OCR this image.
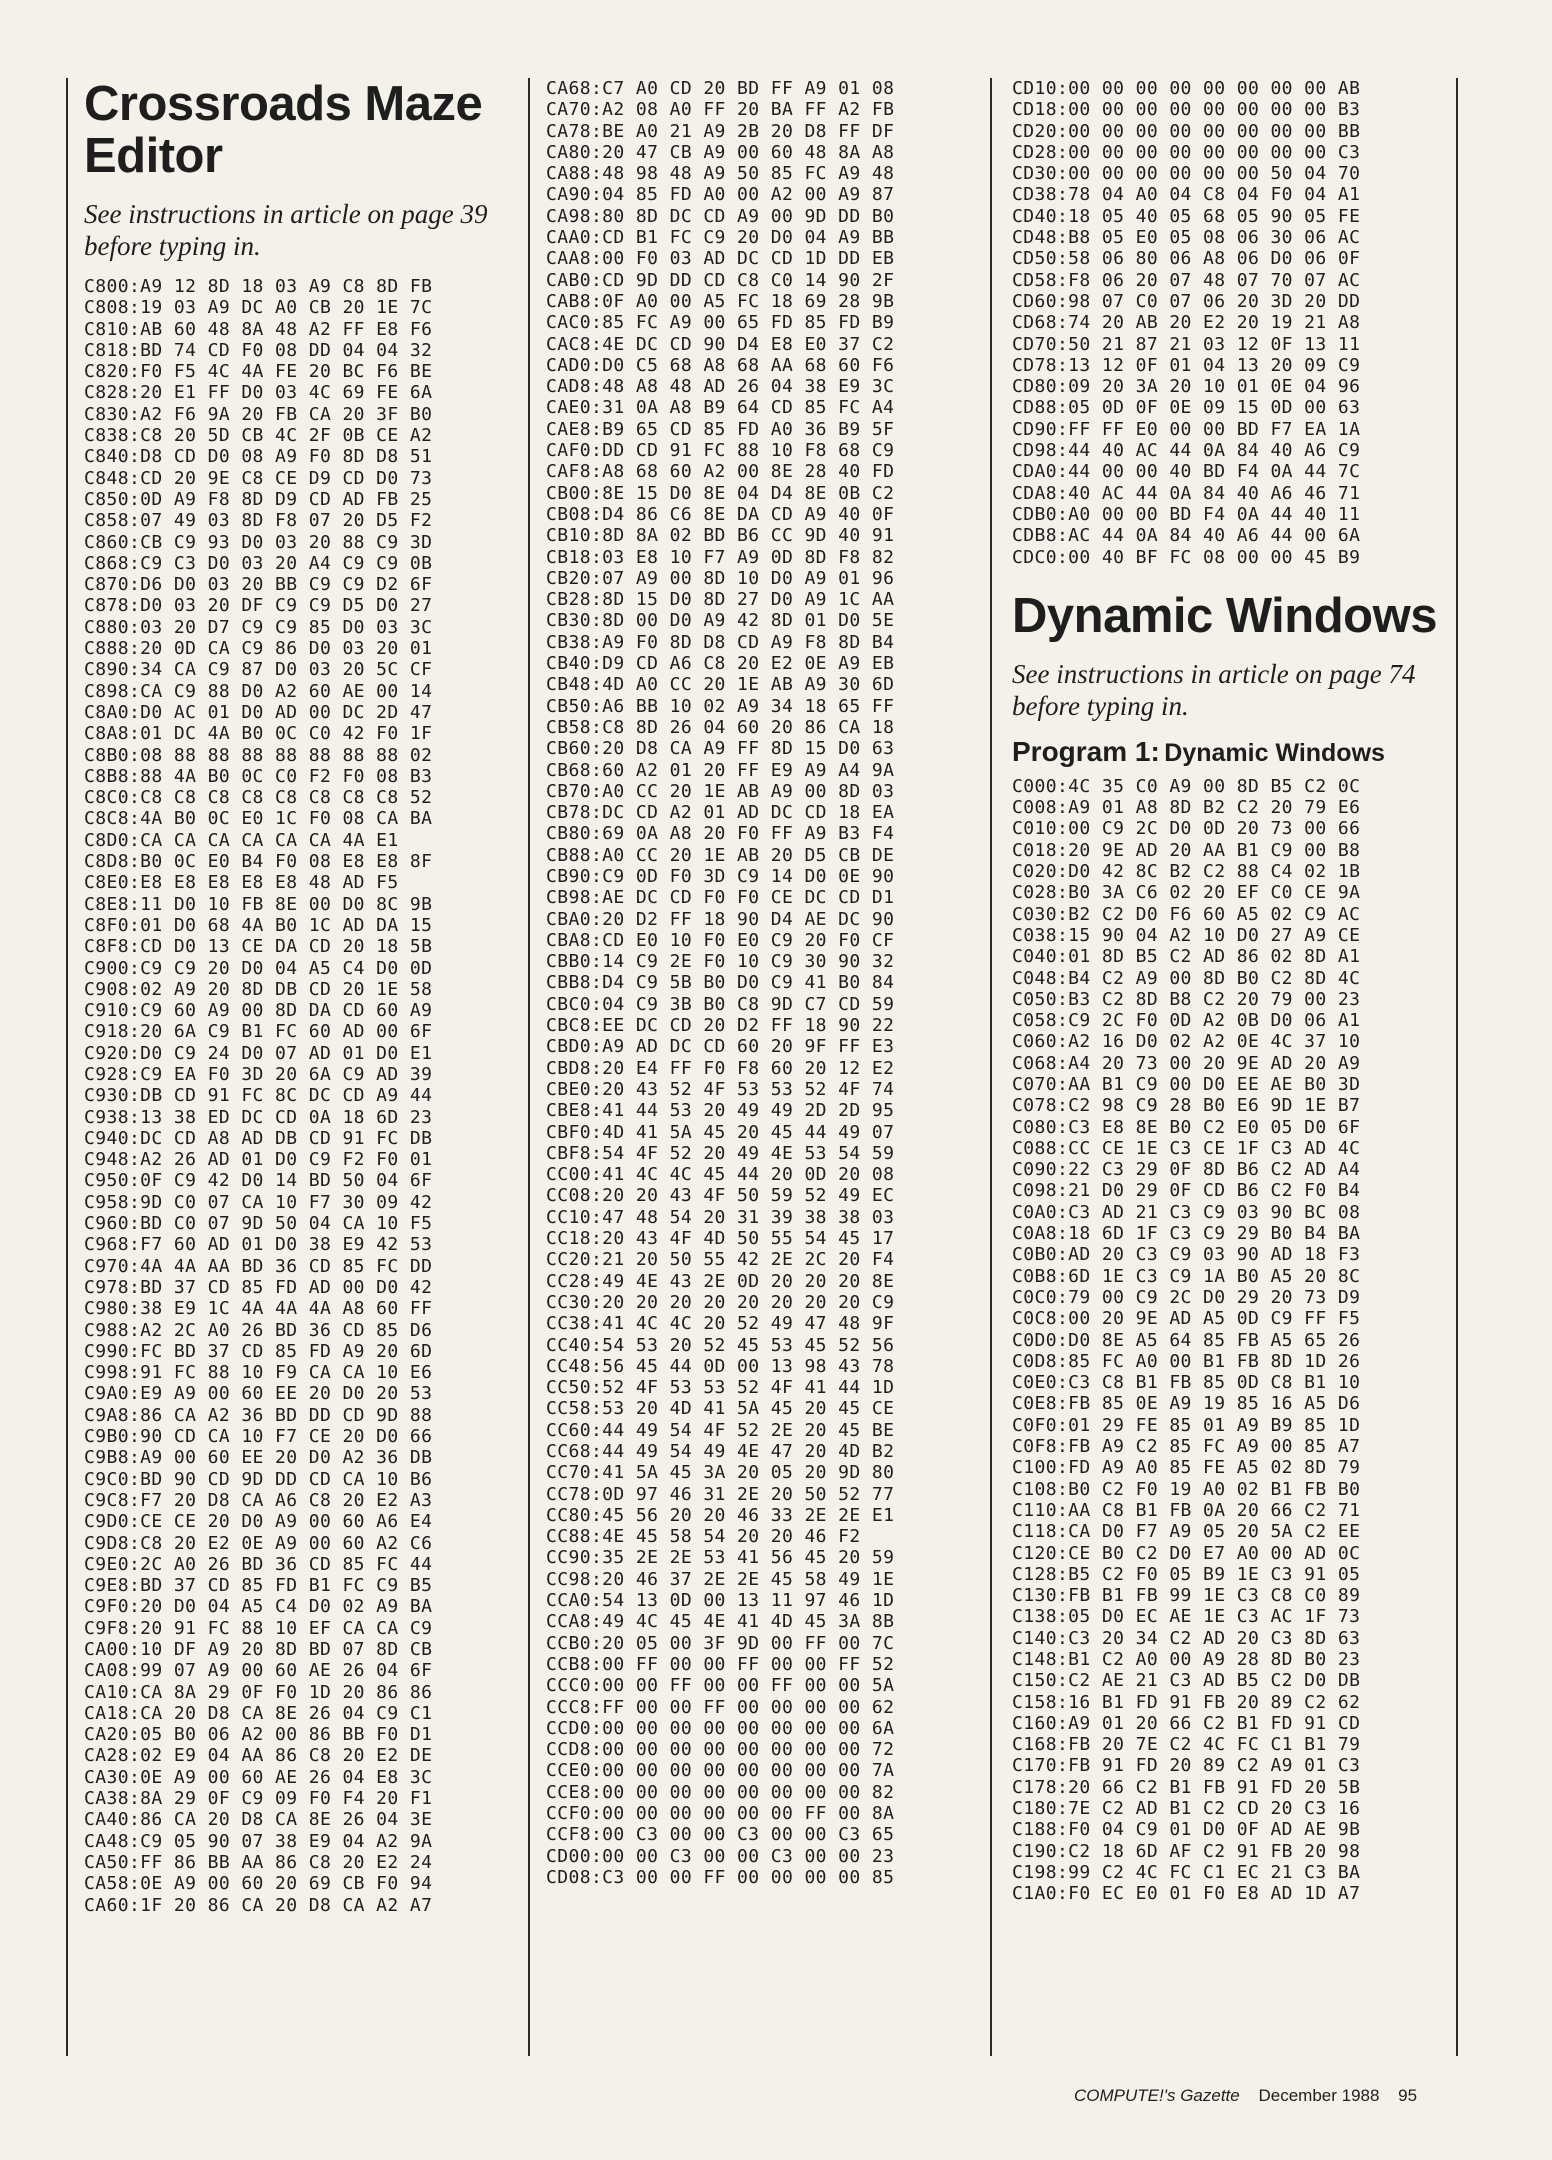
Crossroads Maze Editor

See instructions in article on page 39 before typing in.

C800:A9 12 8D 18 03 A9 C8 8D FB
C808:19 03 A9 DC A0 CB 20 1E 7C
C810:AB 60 48 8A 48 A2 FF E8 F6
C818:BD 74 CD F0 08 DD 04 04 32
C820:F0 F5 4C 4A FE 20 BC F6 BE
C828:20 E1 FF D0 03 4C 69 FE 6A
C830:A2 F6 9A 20 FB CA 20 3F B0
C838:C8 20 5D CB 4C 2F 0B CE A2
C840:D8 CD D0 08 A9 F0 8D D8 51
C848:CD 20 9E C8 CE D9 CD D0 73
C850:0D A9 F8 8D D9 CD AD FB 25
C858:07 49 03 8D F8 07 20 D5 F2
C860:CB C9 93 D0 03 20 88 C9 3D
C868:C9 C3 D0 03 20 A4 C9 C9 0B
C870:D6 D0 03 20 BB C9 C9 D2 6F
C878:D0 03 20 DF C9 C9 D5 D0 27
C880:03 20 D7 C9 C9 85 D0 03 3C
C888:20 0D CA C9 86 D0 03 20 01
C890:34 CA C9 87 D0 03 20 5C CF
C898:CA C9 88 D0 A2 60 AE 00 14
C8A0:D0 AC 01 D0 AD 00 DC 2D 47
C8A8:01 DC 4A B0 0C C0 42 F0 1F
C8B0:08 88 88 88 88 88 88 88 02
C8B8:88 4A B0 0C C0 F2 F0 08 B3
C8C0:C8 C8 C8 C8 C8 C8 C8 C8 52
C8C8:4A B0 0C E0 1C F0 08 CA BA
C8D0:CA CA CA CA CA CA 4A E1
C8D8:B0 0C E0 B4 F0 08 E8 E8 8F
C8E0:E8 E8 E8 E8 E8 48 AD F5
C8E8:11 D0 10 FB 8E 00 D0 8C 9B
C8F0:01 D0 68 4A B0 1C AD DA 15
C8F8:CD D0 13 CE DA CD 20 18 5B
C900:C9 C9 20 D0 04 A5 C4 D0 0D
C908:02 A9 20 8D DB CD 20 1E 58
C910:C9 60 A9 00 8D DA CD 60 A9
C918:20 6A C9 B1 FC 60 AD 00 6F
C920:D0 C9 24 D0 07 AD 01 D0 E1
C928:C9 EA F0 3D 20 6A C9 AD 39
C930:DB CD 91 FC 8C DC CD A9 44
C938:13 38 ED DC CD 0A 18 6D 23
C940:DC CD A8 AD DB CD 91 FC DB
C948:A2 26 AD 01 D0 C9 F2 F0 01
C950:0F C9 42 D0 14 BD 50 04 6F
C958:9D C0 07 CA 10 F7 30 09 42
C960:BD C0 07 9D 50 04 CA 10 F5
C968:F7 60 AD 01 D0 38 E9 42 53
C970:4A 4A AA BD 36 CD 85 FC DD
C978:BD 37 CD 85 FD AD 00 D0 42
C980:38 E9 1C 4A 4A 4A A8 60 FF
C988:A2 2C A0 26 BD 36 CD 85 D6
C990:FC BD 37 CD 85 FD A9 20 6D
C998:91 FC 88 10 F9 CA CA 10 E6
C9A0:E9 A9 00 60 EE 20 D0 20 53
C9A8:86 CA A2 36 BD DD CD 9D 88
C9B0:90 CD CA 10 F7 CE 20 D0 66
C9B8:A9 00 60 EE 20 D0 A2 36 DB
C9C0:BD 90 CD 9D DD CD CA 10 B6
C9C8:F7 20 D8 CA A6 C8 20 E2 A3
C9D0:CE CE 20 D0 A9 00 60 A6 E4
C9D8:C8 20 E2 0E A9 00 60 A2 C6
C9E0:2C A0 26 BD 36 CD 85 FC 44
C9E8:BD 37 CD 85 FD B1 FC C9 B5
C9F0:20 D0 04 A5 C4 D0 02 A9 BA
C9F8:20 91 FC 88 10 EF CA CA C9
CA00:10 DF A9 20 8D BD 07 8D CB
CA08:99 07 A9 00 60 AE 26 04 6F
CA10:CA 8A 29 0F F0 1D 20 86 86
CA18:CA 20 D8 CA 8E 26 04 C9 C1
CA20:05 B0 06 A2 00 86 BB F0 D1
CA28:02 E9 04 AA 86 C8 20 E2 DE
CA30:0E A9 00 60 AE 26 04 E8 3C
CA38:8A 29 0F C9 09 F0 F4 20 F1
CA40:86 CA 20 D8 CA 8E 26 04 3E
CA48:C9 05 90 07 38 E9 04 A2 9A
CA50:FF 86 BB AA 86 C8 20 E2 24
CA58:0E A9 00 60 20 69 CB F0 94
CA60:1F 20 86 CA 20 D8 CA A2 A7
CA68:C7 A0 CD 20 BD FF A9 01 08
CA70:A2 08 A0 FF 20 BA FF A2 FB
CA78:BE A0 21 A9 2B 20 D8 FF DF
CA80:20 47 CB A9 00 60 48 8A A8
CA88:48 98 48 A9 50 85 FC A9 48
CA90:04 85 FD A0 00 A2 00 A9 87
CA98:80 8D DC CD A9 00 9D DD B0
CAA0:CD B1 FC C9 20 D0 04 A9 BB
CAA8:00 F0 03 AD DC CD 1D DD EB
CAB0:CD 9D DD CD C8 C0 14 90 2F
CAB8:0F A0 00 A5 FC 18 69 28 9B
CAC0:85 FC A9 00 65 FD 85 FD B9
CAC8:4E DC CD 90 D4 E8 E0 37 C2
CAD0:D0 C5 68 A8 68 AA 68 60 F6
CAD8:48 A8 48 AD 26 04 38 E9 3C
CAE0:31 0A A8 B9 64 CD 85 FC A4
CAE8:B9 65 CD 85 FD A0 36 B9 5F
CAF0:DD CD 91 FC 88 10 F8 68 C9
CAF8:A8 68 60 A2 00 8E 28 40 FD
CB00:8E 15 D0 8E 04 D4 8E 0B C2
CB08:D4 86 C6 8E DA CD A9 40 0F
CB10:8D 8A 02 BD B6 CC 9D 40 91
CB18:03 E8 10 F7 A9 0D 8D F8 82
CB20:07 A9 00 8D 10 D0 A9 01 96
CB28:8D 15 D0 8D 27 D0 A9 1C AA
CB30:8D 00 D0 A9 42 8D 01 D0 5E
CB38:A9 F0 8D D8 CD A9 F8 8D B4
CB40:D9 CD A6 C8 20 E2 0E A9 EB
CB48:4D A0 CC 20 1E AB A9 30 6D
CB50:A6 BB 10 02 A9 34 18 65 FF
CB58:C8 8D 26 04 60 20 86 CA 18
CB60:20 D8 CA A9 FF 8D 15 D0 63
CB68:60 A2 01 20 FF E9 A9 A4 9A
CB70:A0 CC 20 1E AB A9 00 8D 03
CB78:DC CD A2 01 AD DC CD 18 EA
CB80:69 0A A8 20 F0 FF A9 B3 F4
CB88:A0 CC 20 1E AB 20 D5 CB DE
CB90:C9 0D F0 3D C9 14 D0 0E 90
CB98:AE DC CD F0 F0 CE DC CD D1
CBA0:20 D2 FF 18 90 D4 AE DC 90
CBA8:CD E0 10 F0 E0 C9 20 F0 CF
CBB0:14 C9 2E F0 10 C9 30 90 32
CBB8:D4 C9 5B B0 D0 C9 41 B0 84
CBC0:04 C9 3B B0 C8 9D C7 CD 59
CBC8:EE DC CD 20 D2 FF 18 90 22
CBD0:A9 AD DC CD 60 20 9F FF E3
CBD8:20 E4 FF F0 F8 60 20 12 E2
CBE0:20 43 52 4F 53 53 52 4F 74
CBE8:41 44 53 20 49 49 2D 2D 95
CBF0:4D 41 5A 45 20 45 44 49 07
CBF8:54 4F 52 20 49 4E 53 54 59
CC00:41 4C 4C 45 44 20 0D 20 08
CC08:20 20 43 4F 50 59 52 49 EC
CC10:47 48 54 20 31 39 38 38 03
CC18:20 43 4F 4D 50 55 54 45 17
CC20:21 20 50 55 42 2E 2C 20 F4
CC28:49 4E 43 2E 0D 20 20 20 8E
CC30:20 20 20 20 20 20 20 20 C9
CC38:41 4C 4C 20 52 49 47 48 9F
CC40:54 53 20 52 45 53 45 52 56
CC48:56 45 44 0D 00 13 98 43 78
CC50:52 4F 53 53 52 4F 41 44 1D
CC58:53 20 4D 41 5A 45 20 45 CE
CC60:44 49 54 4F 52 2E 20 45 BE
CC68:44 49 54 49 4E 47 20 4D B2
CC70:41 5A 45 3A 20 05 20 9D 80
CC78:0D 97 46 31 2E 20 50 52 77
CC80:45 56 20 20 46 33 2E 2E E1
CC88:4E 45 58 54 20 20 46 F2
CC90:35 2E 2E 53 41 56 45 20 59
CC98:20 46 37 2E 2E 45 58 49 1E
CCA0:54 13 0D 00 13 11 97 46 1D
CCA8:49 4C 45 4E 41 4D 45 3A 8B
CCB0:20 05 00 3F 9D 00 FF 00 7C
CCB8:00 FF 00 00 FF 00 00 FF 52
CCC0:00 00 FF 00 00 FF 00 00 5A
CCC8:FF 00 00 FF 00 00 00 00 62
CCD0:00 00 00 00 00 00 00 00 6A
CCD8:00 00 00 00 00 00 00 00 72
CCE0:00 00 00 00 00 00 00 00 7A
CCE8:00 00 00 00 00 00 00 00 82
CCF0:00 00 00 00 00 00 FF 00 8A
CCF8:00 C3 00 00 C3 00 00 C3 65
CD00:00 00 C3 00 00 C3 00 00 23
CD08:C3 00 00 FF 00 00 00 00 85
CD10:00 00 00 00 00 00 00 00 AB
CD18:00 00 00 00 00 00 00 00 B3
CD20:00 00 00 00 00 00 00 00 BB
CD28:00 00 00 00 00 00 00 00 C3
CD30:00 00 00 00 00 00 50 04 70
CD38:78 04 A0 04 C8 04 F0 04 A1
CD40:18 05 40 05 68 05 90 05 FE
CD48:B8 05 E0 05 08 06 30 06 AC
CD50:58 06 80 06 A8 06 D0 06 0F
CD58:F8 06 20 07 48 07 70 07 AC
CD60:98 07 C0 07 06 20 3D 20 DD
CD68:74 20 AB 20 E2 20 19 21 A8
CD70:50 21 87 21 03 12 0F 13 11
CD78:13 12 0F 01 04 13 20 09 C9
CD80:09 20 3A 20 10 01 0E 04 96
CD88:05 0D 0F 0E 09 15 0D 00 63
CD90:FF FF E0 00 00 BD F7 EA 1A
CD98:44 40 AC 44 0A 84 40 A6 C9
CDA0:44 00 00 40 BD F4 0A 44 7C
CDA8:40 AC 44 0A 84 40 A6 46 71
CDB0:A0 00 00 BD F4 0A 44 40 11
CDB8:AC 44 0A 84 40 A6 44 00 6A
CDC0:00 40 BF FC 08 00 00 45 B9
Dynamic Windows

See instructions in article on page 74 before typing in.

Program 1: Dynamic Windows
C000:4C 35 C0 A9 00 8D B5 C2 0C
C008:A9 01 A8 8D B2 C2 20 79 E6
C010:00 C9 2C D0 0D 20 73 00 66
C018:20 9E AD 20 AA B1 C9 00 B8
C020:D0 42 8C B2 C2 88 C4 02 1B
C028:B0 3A C6 02 20 EF C0 CE 9A
C030:B2 C2 D0 F6 60 A5 02 C9 AC
C038:15 90 04 A2 10 D0 27 A9 CE
C040:01 8D B5 C2 AD 86 02 8D A1
C048:B4 C2 A9 00 8D B0 C2 8D 4C
C050:B3 C2 8D B8 C2 20 79 00 23
C058:C9 2C F0 0D A2 0B D0 06 A1
C060:A2 16 D0 02 A2 0E 4C 37 10
C068:A4 20 73 00 20 9E AD 20 A9
C070:AA B1 C9 00 D0 EE AE B0 3D
C078:C2 98 C9 28 B0 E6 9D 1E B7
C080:C3 E8 8E B0 C2 E0 05 D0 6F
C088:CC CE 1E C3 CE 1F C3 AD 4C
C090:22 C3 29 0F 8D B6 C2 AD A4
C098:21 D0 29 0F CD B6 C2 F0 B4
C0A0:C3 AD 21 C3 C9 03 90 BC 08
C0A8:18 6D 1F C3 C9 29 B0 B4 BA
C0B0:AD 20 C3 C9 03 90 AD 18 F3
C0B8:6D 1E C3 C9 1A B0 A5 20 8C
C0C0:79 00 C9 2C D0 29 20 73 D9
C0C8:00 20 9E AD A5 0D C9 FF F5
C0D0:D0 8E A5 64 85 FB A5 65 26
C0D8:85 FC A0 00 B1 FB 8D 1D 26
C0E0:C3 C8 B1 FB 85 0D C8 B1 10
C0E8:FB 85 0E A9 19 85 16 A5 D6
C0F0:01 29 FE 85 01 A9 B9 85 1D
C0F8:FB A9 C2 85 FC A9 00 85 A7
C100:FD A9 A0 85 FE A5 02 8D 79
C108:B0 C2 F0 19 A0 02 B1 FB B0
C110:AA C8 B1 FB 0A 20 66 C2 71
C118:CA D0 F7 A9 05 20 5A C2 EE
C120:CE B0 C2 D0 E7 A0 00 AD 0C
C128:B5 C2 F0 05 B9 1E C3 91 05
C130:FB B1 FB 99 1E C3 C8 C0 89
C138:05 D0 EC AE 1E C3 AC 1F 73
C140:C3 20 34 C2 AD 20 C3 8D 63
C148:B1 C2 A0 00 A9 28 8D B0 23
C150:C2 AE 21 C3 AD B5 C2 D0 DB
C158:16 B1 FD 91 FB 20 89 C2 62
C160:A9 01 20 66 C2 B1 FD 91 CD
C168:FB 20 7E C2 4C FC C1 B1 79
C170:FB 91 FD 20 89 C2 A9 01 C3
C178:20 66 C2 B1 FB 91 FD 20 5B
C180:7E C2 AD B1 C2 CD 20 C3 16
C188:F0 04 C9 01 D0 0F AD AE 9B
C190:C2 18 6D AF C2 91 FB 20 98
C198:99 C2 4C FC C1 EC 21 C3 BA
C1A0:F0 EC E0 01 F0 E8 AD 1D A7
COMPUTE!'s Gazette December 1988 95
